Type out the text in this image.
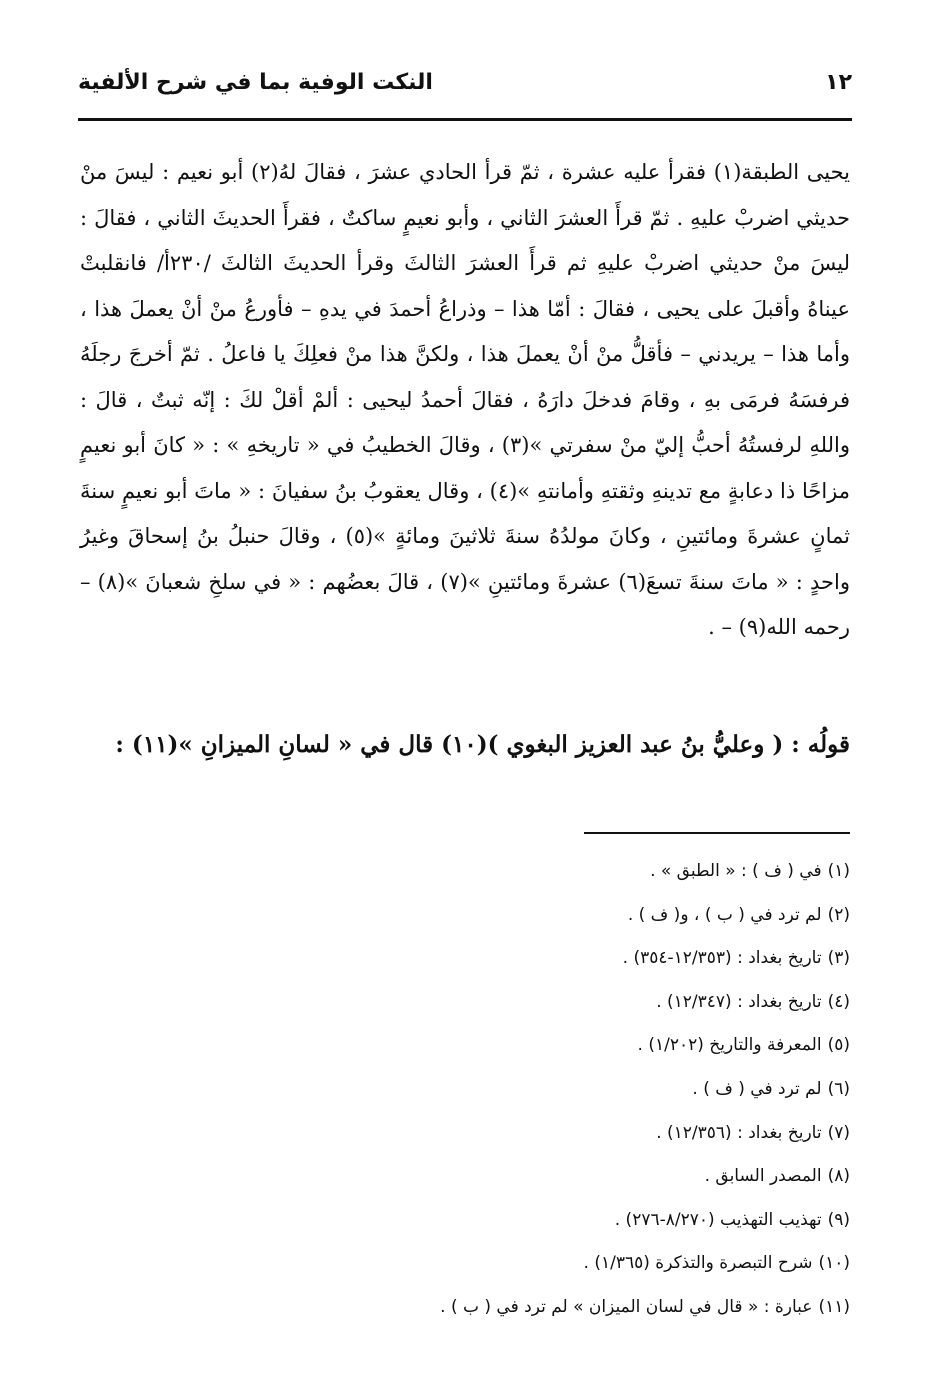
١٢
النكت الوفية بما في شرح الألفية

يحيى الطبقة(١) فقرأ عليه عشرة ، ثمّ قرأ الحادي عشرَ ، فقالَ لهُ(٢) أبو نعيم : ليسَ منْ حديثي اضربْ عليهِ . ثمّ قرأَ العشرَ الثاني ، وأبو نعيمٍ ساكتٌ ، فقرأَ الحديثَ الثاني ، فقالَ : ليسَ منْ حديثي اضربْ عليهِ ثم قرأَ العشرَ الثالثَ وقرأ الحديثَ الثالثَ /٢٣٠أ/ فانقلبتْ عيناهُ وأقبلَ على يحيى ، فقالَ : أمّا هذا – وذراعُ أحمدَ في يدهِ – فأورعُ منْ أنْ يعملَ هذا ، وأما هذا – يريدني – فأقلُّ منْ أنْ يعملَ هذا ، ولكنَّ هذا منْ فعلِكَ يا فاعلُ . ثمّ أخرجَ رجلَهُ فرفسَهُ فرمَى بهِ ، وقامَ فدخلَ دارَهُ ، فقالَ أحمدُ ليحيى : ألمْ أقلْ لكَ : إنّه ثبتٌ ، قالَ : واللهِ لرفستُهُ أحبُّ إليّ منْ سفرتي »(٣) ، وقالَ الخطيبُ في « تاريخهِ » : « كانَ أبو نعيمٍ مزاحًا ذا دعابةٍ مع تدينهِ وثقتهِ وأمانتهِ »(٤) ، وقال يعقوبُ بنُ سفيانَ : « ماتَ أبو نعيمٍ سنةَ ثمانٍ عشرةَ ومائتينِ ، وكانَ مولدُهُ سنةَ ثلاثينَ ومائةٍ »(٥) ، وقالَ حنبلُ بنُ إسحاقَ وغيرُ واحدٍ : « ماتَ سنةَ تسعَ(٦) عشرةَ ومائتينِ »(٧) ، قالَ بعضُهم : « في سلخِ شعبانَ »(٨) – رحمه الله(٩) – .

قولُه : ( وعليُّ بنُ عبد العزيز البغوي )(١٠) قال في « لسانِ الميزانِ »(١١) :
(١)في ( ف ) : « الطبق » .
(٢)لم ترد في ( ب ) ، و( ف ) .
(٣)تاريخ بغداد : (١٢/٣٥٣-٣٥٤) .
(٤)تاريخ بغداد : (١٢/٣٤٧) .
(٥)المعرفة والتاريخ (١/٢٠٢) .
(٦)لم ترد في ( ف ) .
(٧)تاريخ بغداد : (١٢/٣٥٦) .
(٨)المصدر السابق .
(٩)تهذيب التهذيب (٨/٢٧٠-٢٧٦) .
(١٠)شرح التبصرة والتذكرة (١/٣٦٥) .
(١١)عبارة : « قال في لسان الميزان » لم ترد في ( ب ) .
